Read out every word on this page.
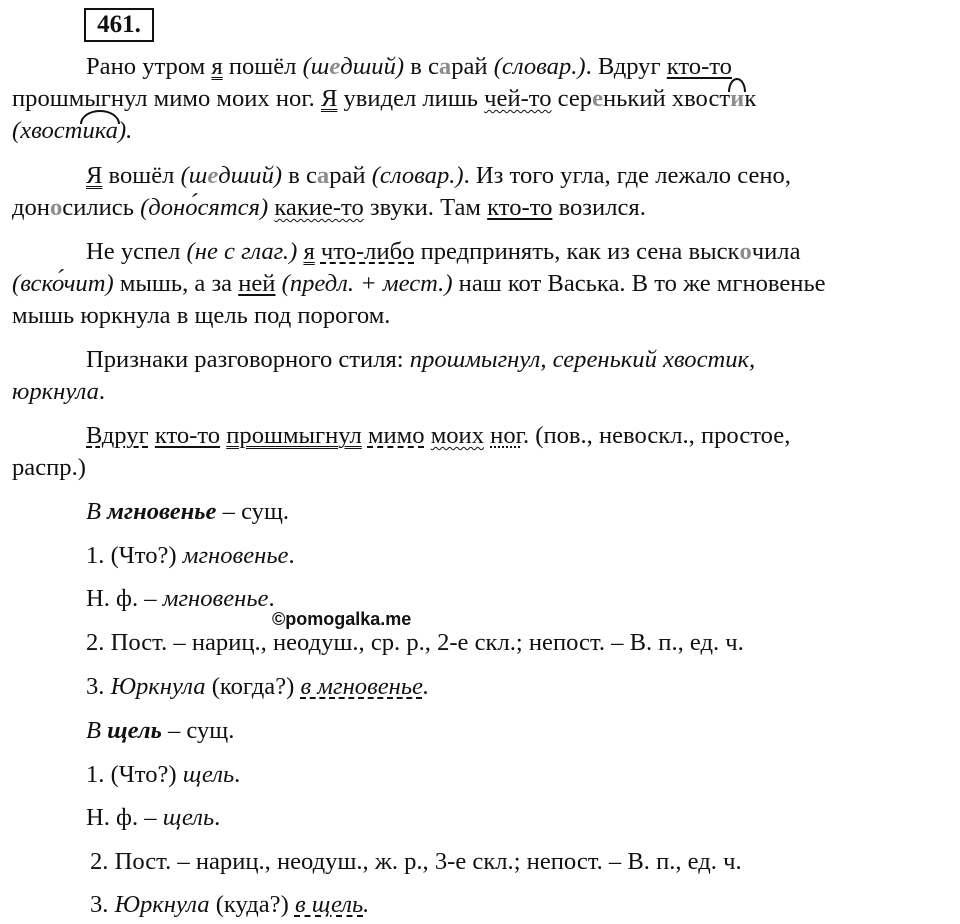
461.
Рано утром я пошёл (шедший) в сарай (словар.). Вдруг кто-то
прошмыгнул мимо моих ног. Я увидел лишь чей-то серенький хвостик
(хвостика).
Я вошёл (шедший) в сарай (словар.). Из того угла, где лежало сено,
доносились (доно ́сятся) какие-то звуки. Там кто-то возился.
Не успел (не с глаг.) я что-либо предпринять, как из сена выскочила
(вско ́чит) мышь, а за ней (предл. + мест.) наш кот Васька. В то же мгновенье
мышь юркнула в щель под порогом.
Признаки разговорного стиля: прошмыгнул, серенький хвостик,
юркнула.
Вдруг кто-то прошмыгнул мимо моих ног. (пов., невоскл., простое,
распр.)
В мгновенье – сущ.
1. (Что?) мгновенье.
Н. ф. – мгновенье.
©pomogalka.me
2. Пост. – нариц., неодуш., ср. р., 2-е скл.; непост. – В. п., ед. ч.
3. Юркнула (когда?) в мгновенье.
В щель – сущ.
1. (Что?) щель.
Н. ф. – щель.
2. Пост. – нариц., неодуш., ж. р., 3-е скл.; непост. – В. п., ед. ч.
3. Юркнула (куда?) в щель.
